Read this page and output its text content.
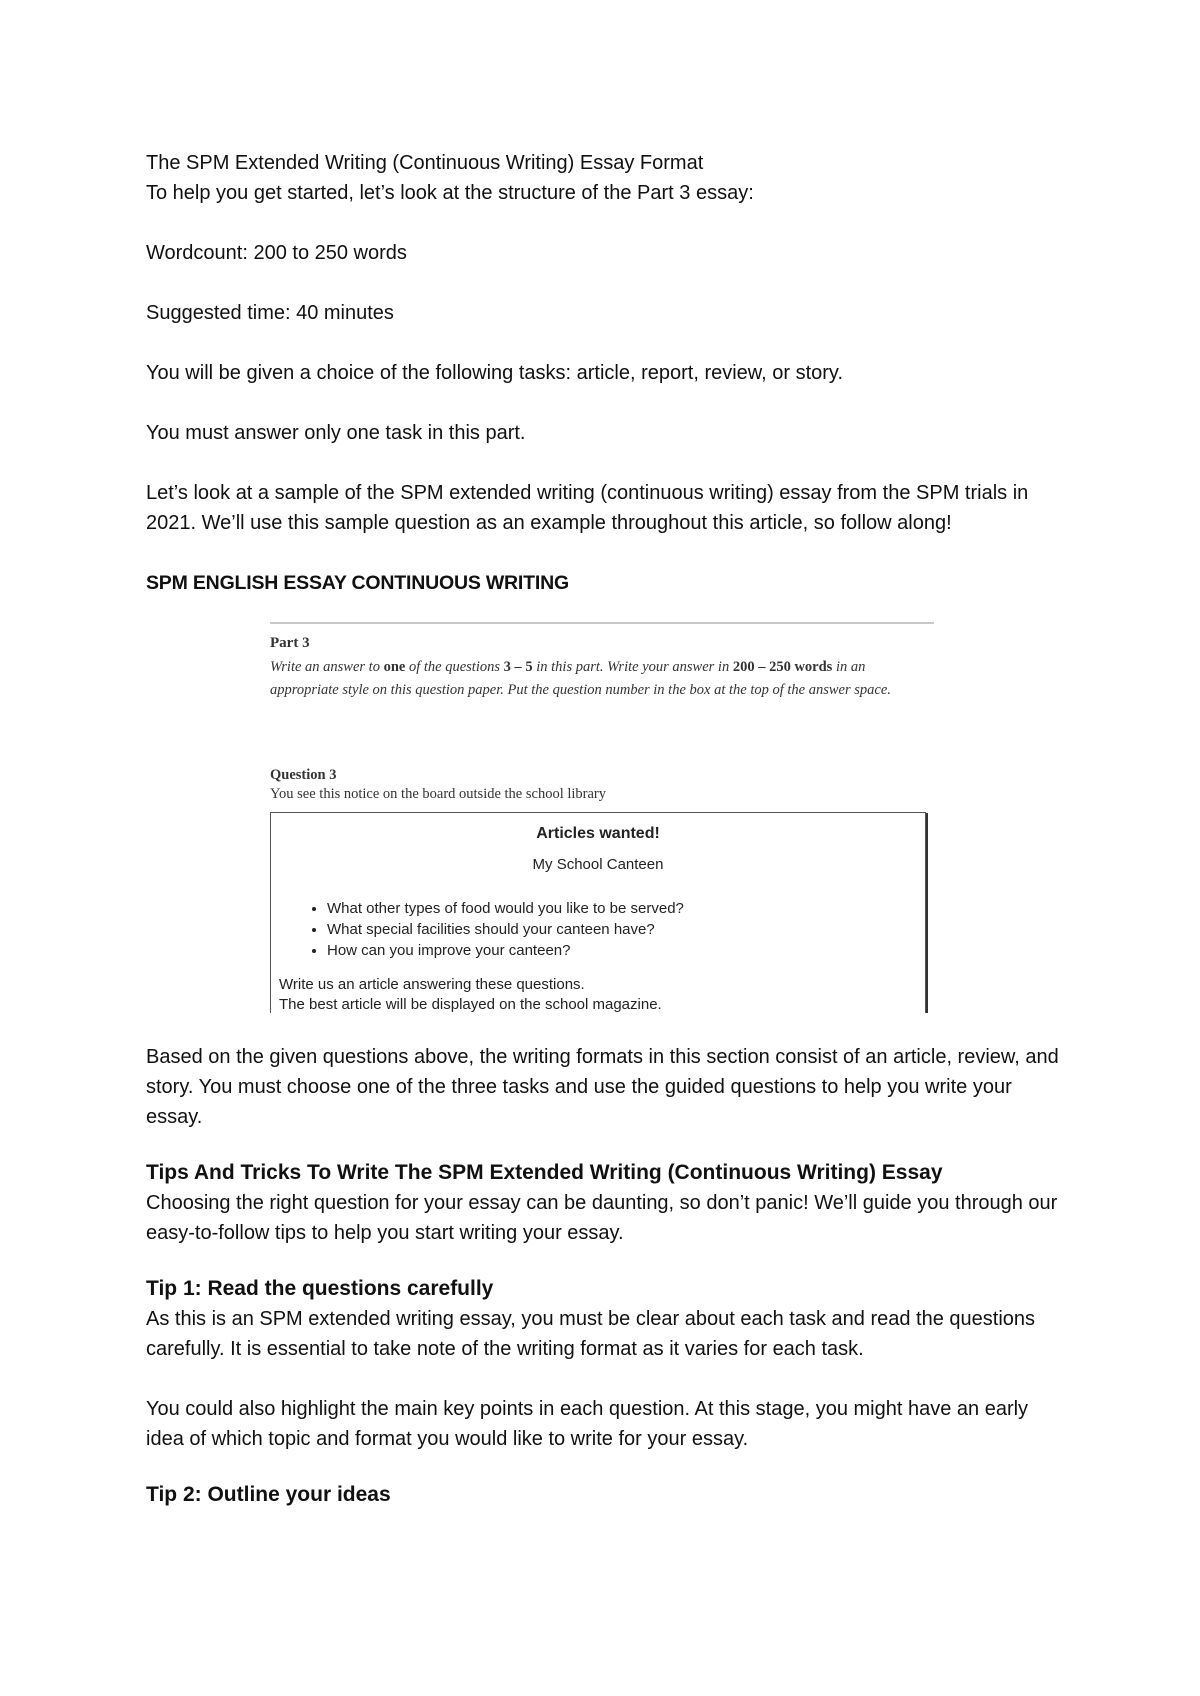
The SPM Extended Writing (Continuous Writing) Essay Format

To help you get started, let’s look at the structure of the Part 3 essay:

Wordcount: 200 to 250 words

Suggested time: 40 minutes

You will be given a choice of the following tasks: article, report, review, or story.

You must answer only one task in this part.

Let’s look at a sample of the SPM extended writing (continuous writing) essay from the SPM trials in 2021. We’ll use this sample question as an example throughout this article, so follow along!

SPM ENGLISH ESSAY CONTINUOUS WRITING

Part 3
Write an answer to one of the questions 3 – 5 in this part. Write your answer in 200 – 250 words in an appropriate style on this question paper. Put the question number in the box at the top of the answer space.
Question 3
You see this notice on the board outside the school library
Articles wanted!
My School Canteen
• What other types of food would you like to be served?
• What special facilities should your canteen have?
• How can you improve your canteen?
Write us an article answering these questions.
The best article will be displayed on the school magazine.

Based on the given questions above, the writing formats in this section consist of an article, review, and story. You must choose one of the three tasks and use the guided questions to help you write your essay.

Tips And Tricks To Write The SPM Extended Writing (Continuous Writing) Essay

Choosing the right question for your essay can be daunting, so don’t panic! We’ll guide you through our easy-to-follow tips to help you start writing your essay.

Tip 1: Read the questions carefully

As this is an SPM extended writing essay, you must be clear about each task and read the questions carefully. It is essential to take note of the writing format as it varies for each task.

You could also highlight the main key points in each question. At this stage, you might have an early idea of which topic and format you would like to write for your essay.

Tip 2: Outline your ideas
